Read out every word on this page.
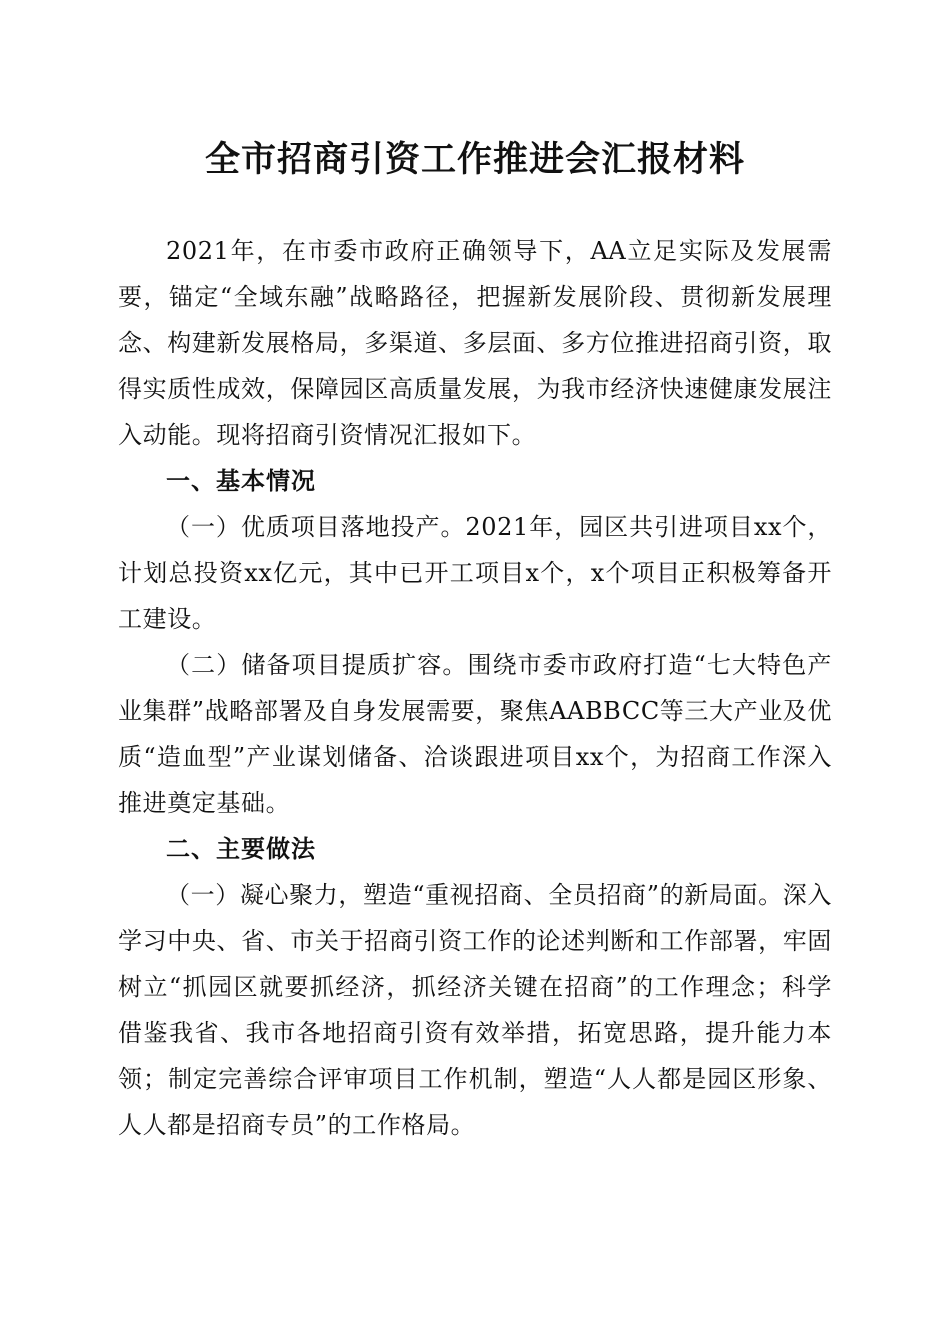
全市招商引资工作推进会汇报材料

2021年，在市委市政府正确领导下，AA立足实际及发展需要，锚定“全域东融”战略路径，把握新发展阶段、贯彻新发展理念、构建新发展格局，多渠道、多层面、多方位推进招商引资，取得实质性成效，保障园区高质量发展，为我市经济快速健康发展注入动能。现将招商引资情况汇报如下。

一、基本情况

（一）优质项目落地投产。2021年，园区共引进项目xx个，计划总投资xx亿元，其中已开工项目x个，x个项目正积极筹备开工建设。

（二）储备项目提质扩容。围绕市委市政府打造“七大特色产业集群”战略部署及自身发展需要，聚焦AABBCC等三大产业及优质“造血型”产业谋划储备、洽谈跟进项目xx个，为招商工作深入推进奠定基础。

二、主要做法

（一）凝心聚力，塑造“重视招商、全员招商”的新局面。深入学习中央、省、市关于招商引资工作的论述判断和工作部署，牢固树立“抓园区就要抓经济，抓经济关键在招商”的工作理念；科学借鉴我省、我市各地招商引资有效举措，拓宽思路，提升能力本领；制定完善综合评审项目工作机制，塑造“人人都是园区形象、人人都是招商专员”的工作格局。
